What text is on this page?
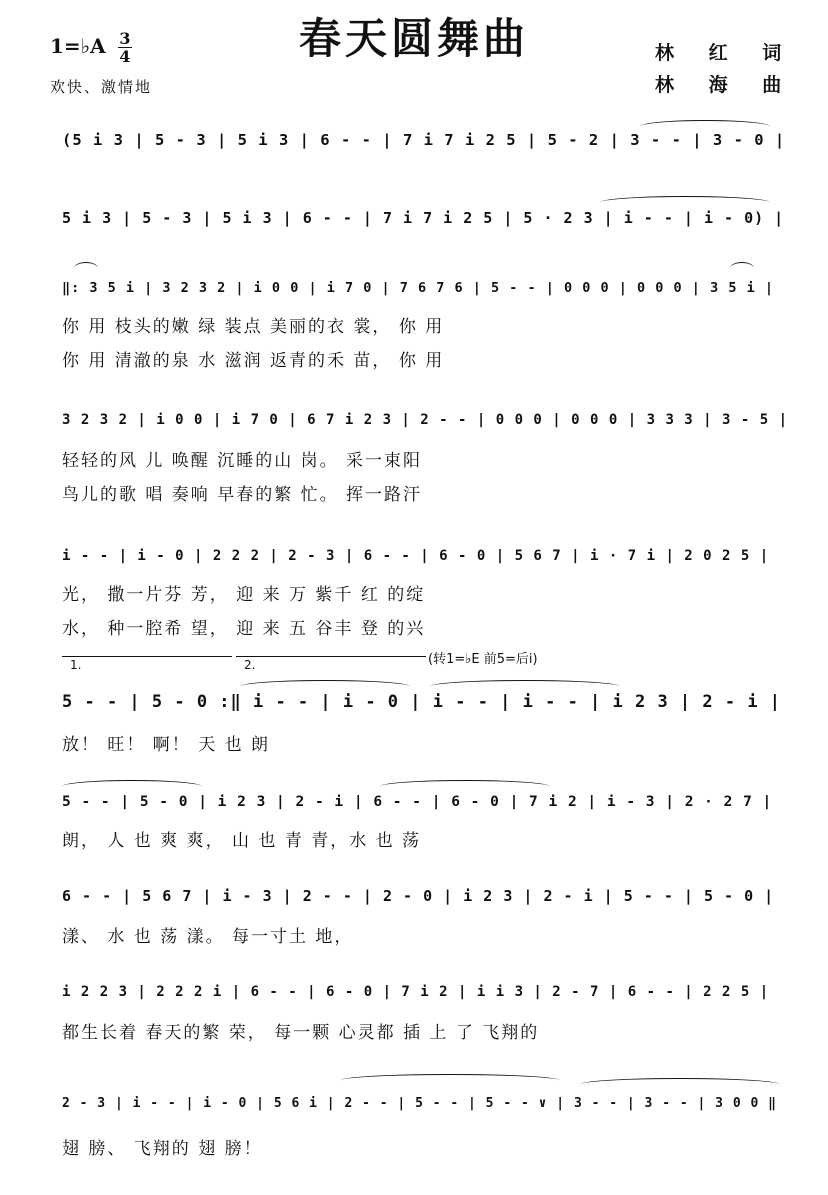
春天圆舞曲
1=♭A 3
4
欢快、激情地
林 红 词
林 海 曲
(5 i 3 | 5 - 3 | 5 i 3 | 6 - - | 7 i 7 i 2 5 | 5 - 2 | 3 - - | 3 - 0 |
5 i 3 | 5 - 3 | 5 i 3 | 6 - - | 7 i 7 i 2 5 | 5 · 2 3 | i - - | i - 0) |
‖: 3 5 i | 3 2 3 2 | i 0 0 | i 7 0 | 7 6 7 6 | 5 - - | 0 0 0 | 0 0 0 | 3 5 i |
你 用 枝头的嫩 绿 装点 美丽的衣 裳， 你 用
你 用 清澈的泉 水 滋润 返青的禾 苗， 你 用
3 2 3 2 | i 0 0 | i 7 0 | 6 7 i 2 3 | 2 - - | 0 0 0 | 0 0 0 | 3 3 3 | 3 - 5 |
轻轻的风 儿 唤醒 沉睡的山 岗。 采一束阳
鸟儿的歌 唱 奏响 早春的繁 忙。 挥一路汗
i - - | i - 0 | 2 2 2 | 2 - 3 | 6 - - | 6 - 0 | 5 6 7 | i · 7 i | 2 0 2 5 |
光， 撒一片芬 芳， 迎 来 万 紫千 红 的绽
水， 种一腔希 望， 迎 来 五 谷丰 登 的兴
1.	2.	(转1=♭E 前5=后i)
5 - - | 5 - 0 :‖ i - - | i - 0 | i - - | i - - | i 2 3 | 2 - i |
放！ 旺！ 啊！ 天 也 朗
5 - - | 5 - 0 | i 2 3 | 2 - i | 6 - - | 6 - 0 | 7 i 2 | i - 3 | 2 · 2 7 |
朗， 人 也 爽 爽， 山 也 青 青，水 也 荡
6 - - | 5 6 7 | i - 3 | 2 - - | 2 - 0 | i 2 3 | 2 - i | 5 - - | 5 - 0 |
漾、 水 也 荡 漾。 每一寸土 地，
i 2 2 3 | 2 2 2 i | 6 - - | 6 - 0 | 7 i 2 | i i 3 | 2 - 7 | 6 - - | 2 2 5 |
都生长着 春天的繁 荣， 每一颗 心灵都 插 上 了 飞翔的
2 - 3 | i - - | i - 0 | 5 6 i | 2 - - | 5 - - | 5 - - ∨ | 3 - - | 3 - - | 3 0 0 ‖
翅 膀、 飞翔的 翅 膀！
